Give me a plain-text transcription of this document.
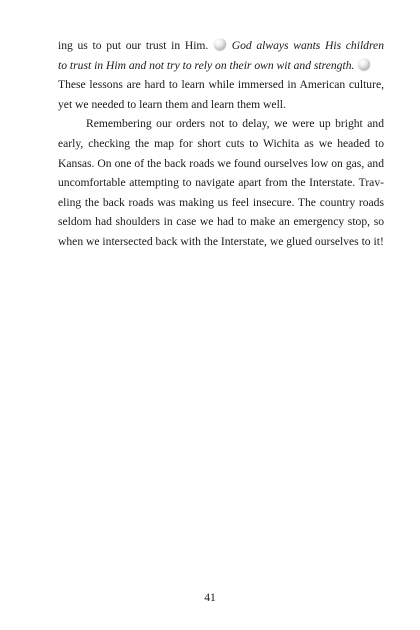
ing us to put our trust in Him. God always wants His children
to trust in Him and not try to rely on their own wit and strength.
These lessons are hard to learn while immersed in American culture,
yet we needed to learn them and learn them well.
Remembering our orders not to delay, we were up bright and
early, checking the map for short cuts to Wichita as we headed to
Kansas. On one of the back roads we found ourselves low on gas, and
uncomfortable attempting to navigate apart from the Interstate. Trav-
eling the back roads was making us feel insecure. The country roads
seldom had shoulders in case we had to make an emergency stop, so
when we intersected back with the Interstate, we glued ourselves to it!
41
